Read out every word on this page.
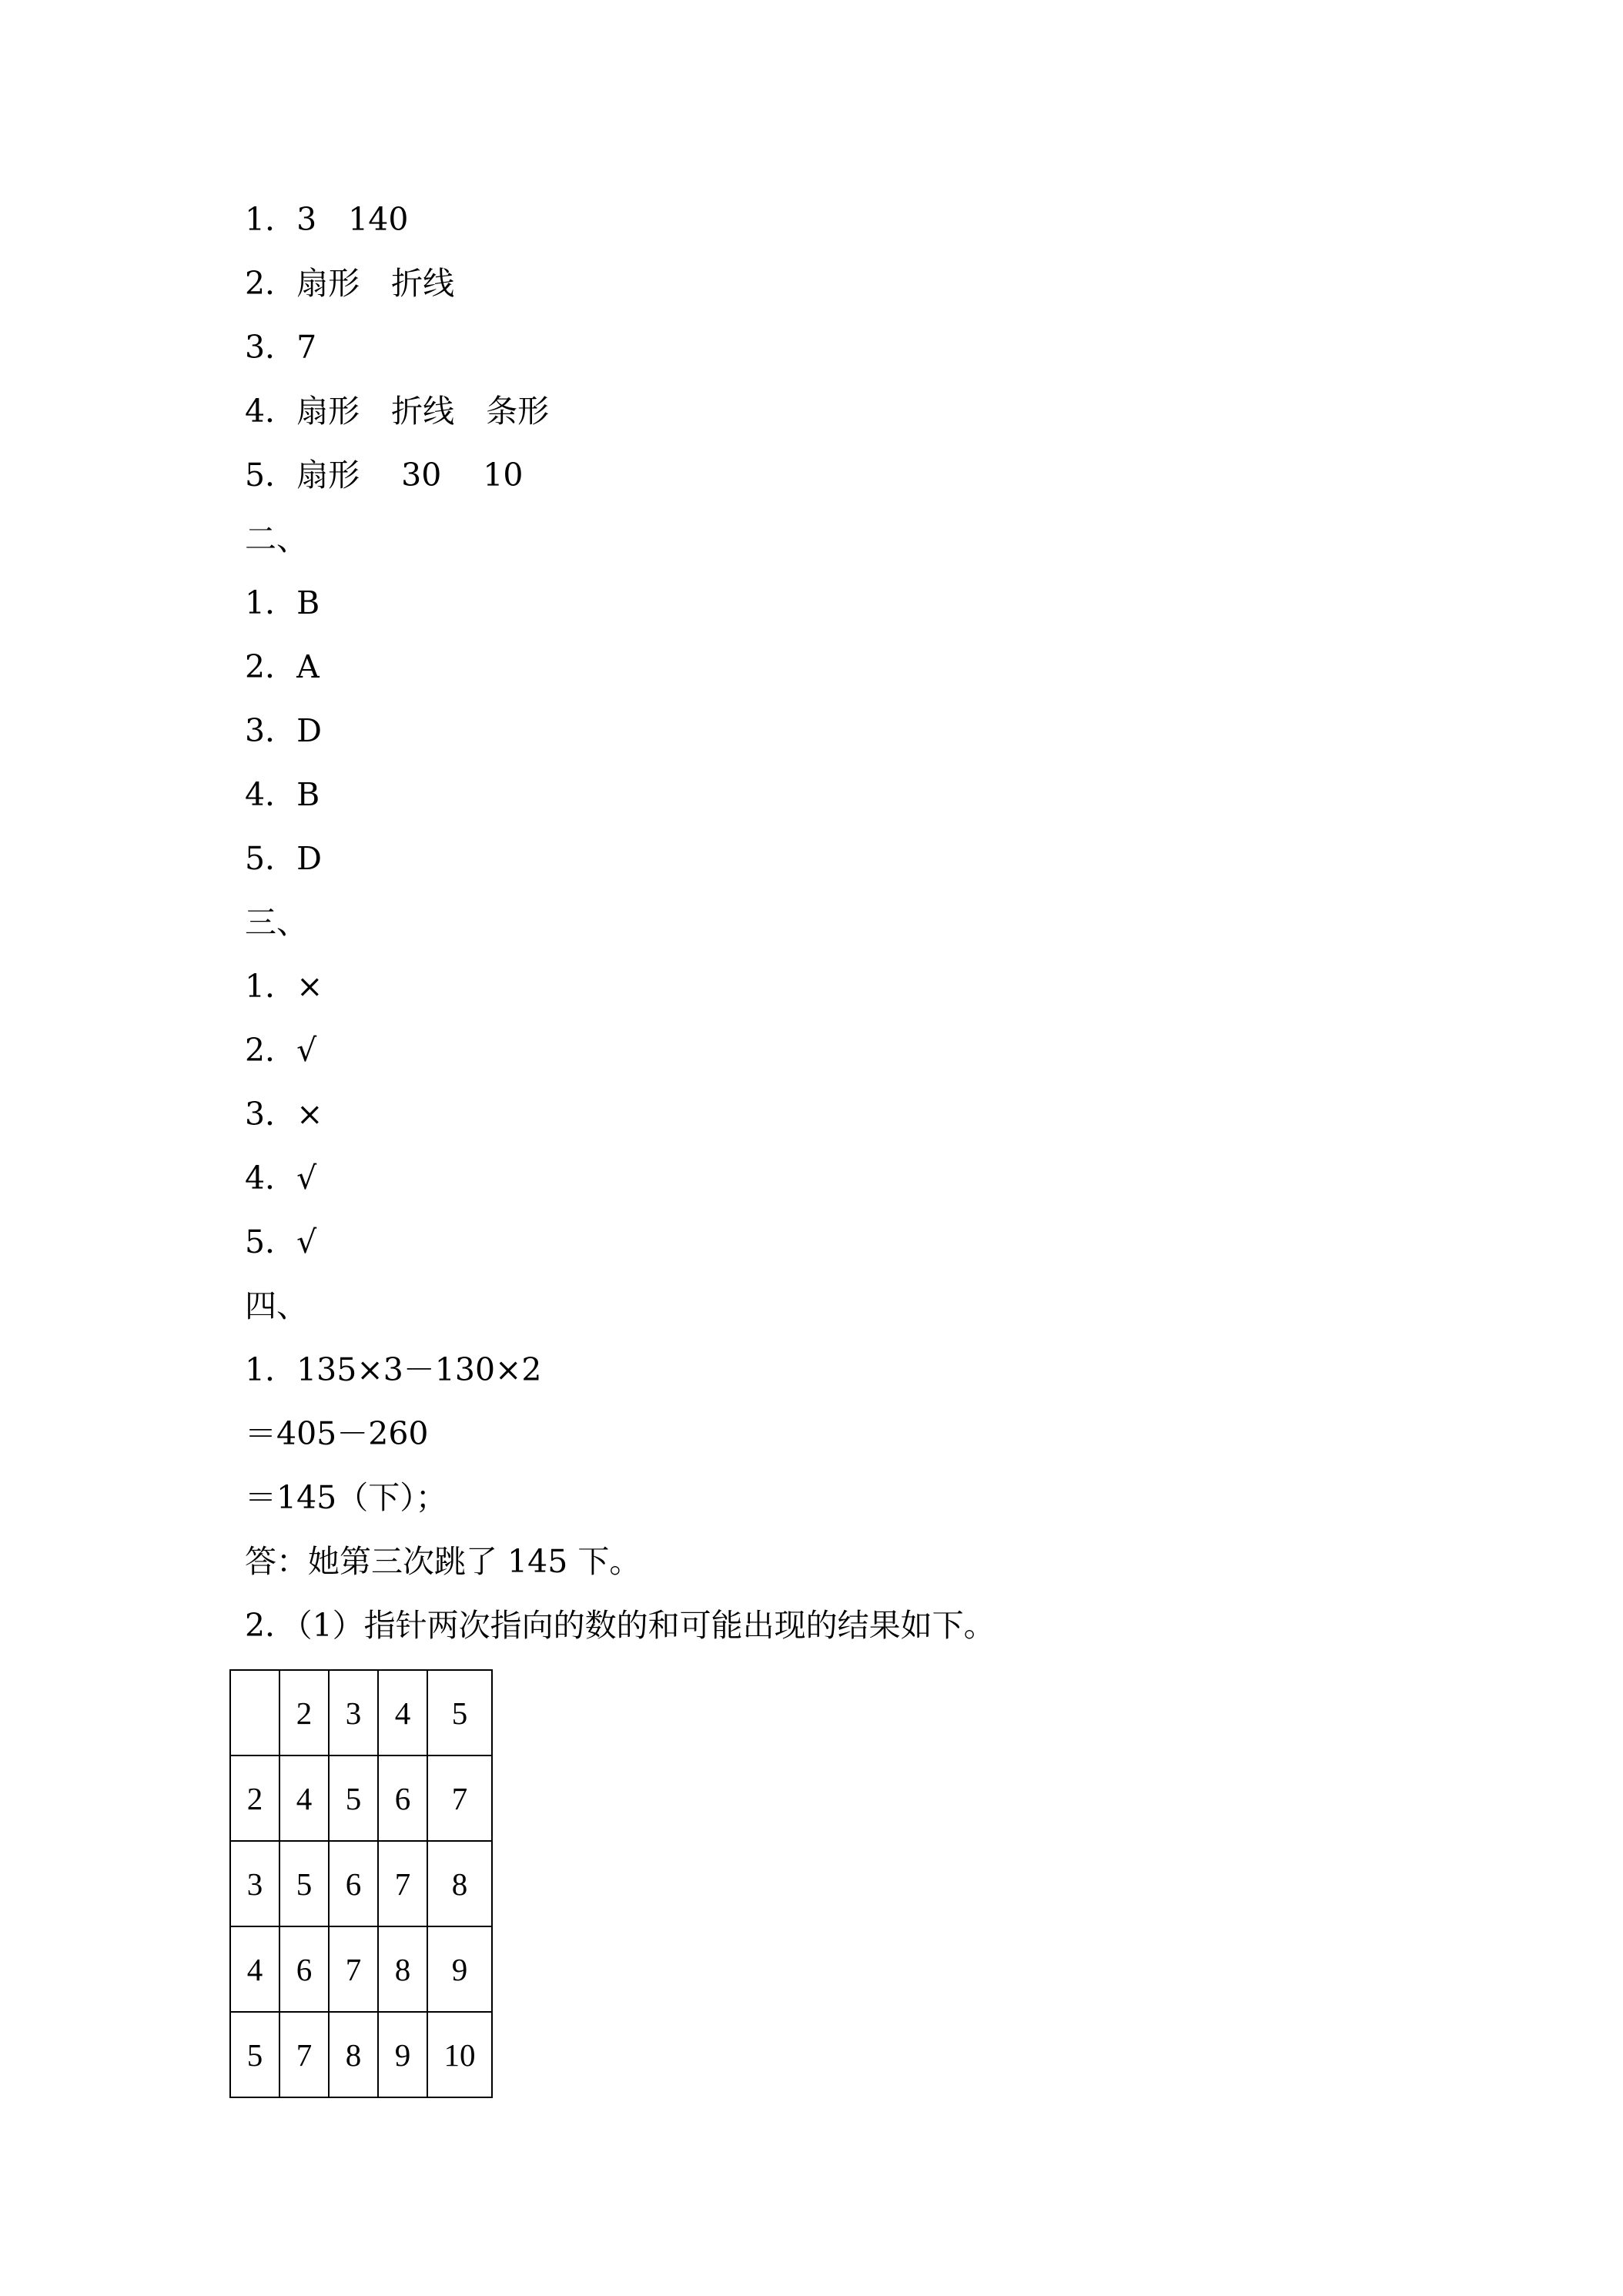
1．3　140
2．扇形　折线
3．7
4．扇形　折线　条形
5．扇形　 30　 10
二、
1．B
2．A
3．D
4．B
5．D
三、
1．×
2．√
3．×
4．√
5．√
四、
1．135×3－130×2
＝405－260
＝145（下）；
答：她第三次跳了 145 下。
2．（1）指针两次指向的数的和可能出现的结果如下。
	2	3	4	5
2	4	5	6	7
3	5	6	7	8
4	6	7	8	9
5	7	8	9	10
